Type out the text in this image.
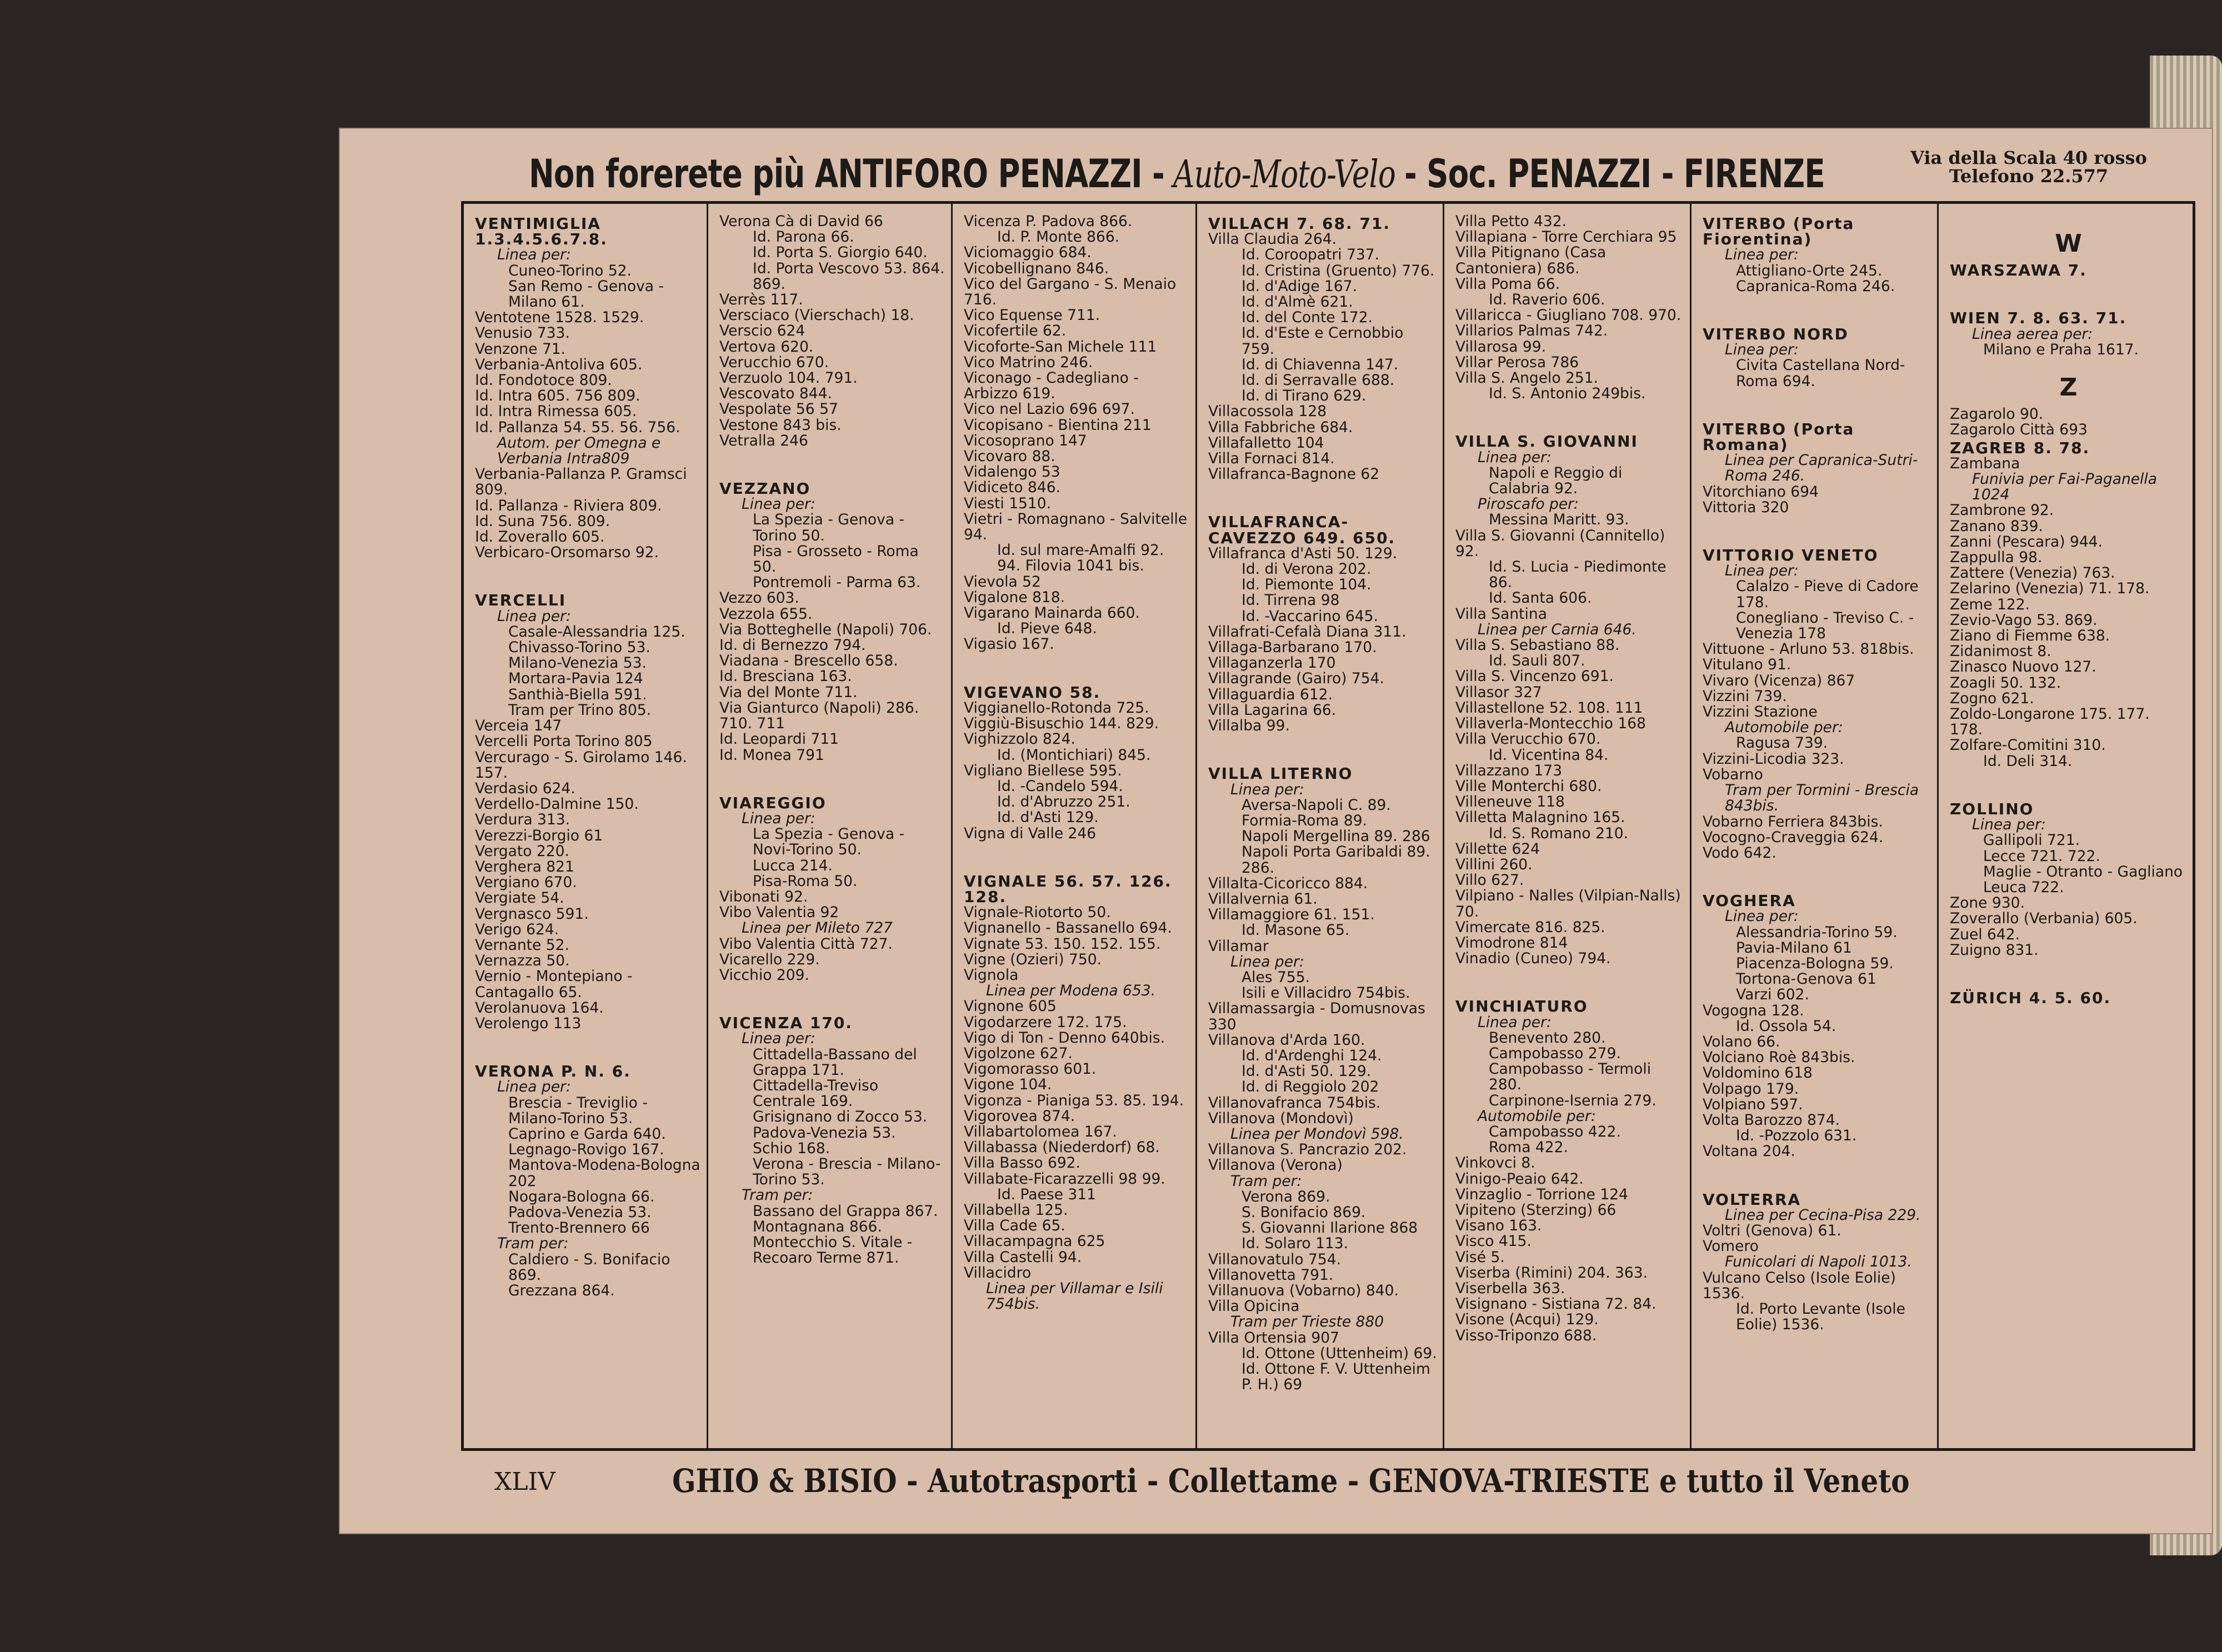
Non forerete più ANTIFORO PENAZZI - Auto-Moto-Velo - Soc. PENAZZI - FIRENZE	Via della Scala 40 rosso
Telefono 22.577
VENTIMIGLIA 1.3.4.5.6.7.8.
Linea per:
Cuneo-Torino 52.
San Remo - Genova - Milano 61.
Ventotene 1528. 1529.
Venusio 733.
Venzone 71.
Verbania-Antoliva 605.
Id. Fondotoce 809.
Id. Intra 605. 756 809.
Id. Intra Rimessa 605.
Id. Pallanza 54. 55. 56. 756.
Autom. per Omegna e Verbania Intra809
Verbania-Pallanza P. Gramsci 809.
Id. Pallanza - Riviera 809.
Id. Suna 756. 809.
Id. Zoverallo 605.
Verbicaro-Orsomarso 92.
VERCELLI
Linea per:
Casale-Alessandria 125.
Chivasso-Torino 53.
Milano-Venezia 53.
Mortara-Pavia 124
Santhià-Biella 591.
Tram per Trino 805.
Verceia 147
Vercelli Porta Torino 805
Vercurago - S. Girolamo 146. 157.
Verdasio 624.
Verdello-Dalmine 150.
Verdura 313.
Verezzi-Borgio 61
Vergato 220.
Verghera 821
Vergiano 670.
Vergiate 54.
Vergnasco 591.
Verigo 624.
Vernante 52.
Vernazza 50.
Vernio - Montepiano - Cantagallo 65.
Verolanuova 164.
Verolengo 113
VERONA P. N. 6.
Linea per:
Brescia - Treviglio - Milano-Torino 53.
Caprino e Garda 640.
Legnago-Rovigo 167.
Mantova-Modena-Bologna 202
Nogara-Bologna 66.
Padova-Venezia 53.
Trento-Brennero 66
Tram per:
Caldiero - S. Bonifacio 869.
Grezzana 864.
Verona Cà di David 66
Id. Parona 66.
Id. Porta S. Giorgio 640.
Id. Porta Vescovo 53. 864. 869.
Verrès 117.
Versciaco (Vierschach) 18.
Verscio 624
Vertova 620.
Verucchio 670.
Verzuolo 104. 791.
Vescovato 844.
Vespolate 56 57
Vestone 843 bis.
Vetralla 246
VEZZANO
Linea per:
La Spezia - Genova - Torino 50.
Pisa - Grosseto - Roma 50.
Pontremoli - Parma 63.
Vezzo 603.
Vezzola 655.
Via Botteghelle (Napoli) 706.
Id. di Bernezzo 794.
Viadana - Brescello 658.
Id. Bresciana 163.
Via del Monte 711.
Via Gianturco (Napoli) 286. 710. 711
Id. Leopardi 711
Id. Monea 791
VIAREGGIO
Linea per:
La Spezia - Genova - Novi-Torino 50.
Lucca 214.
Pisa-Roma 50.
Vibonati 92.
Vibo Valentia 92
Linea per Mileto 727
Vibo Valentia Città 727.
Vicarello 229.
Vicchio 209.
VICENZA 170.
Linea per:
Cittadella-Bassano del Grappa 171.
Cittadella-Treviso Centrale 169.
Grisignano di Zocco 53.
Padova-Venezia 53.
Schio 168.
Verona - Brescia - Milano-Torino 53.
Tram per:
Bassano del Grappa 867.
Montagnana 866.
Montecchio S. Vitale - Recoaro Terme 871.
Vicenza P. Padova 866.
Id. P. Monte 866.
Viciomaggio 684.
Vicobellignano 846.
Vico del Gargano - S. Menaio 716.
Vico Equense 711.
Vicofertile 62.
Vicoforte-San Michele 111
Vico Matrino 246.
Viconago - Cadegliano - Arbizzo 619.
Vico nel Lazio 696 697.
Vicopisano - Bientina 211
Vicosoprano 147
Vicovaro 88.
Vidalengo 53
Vidiceto 846.
Viesti 1510.
Vietri - Romagnano - Salvitelle 94.
Id. sul mare-Amalfi 92. 94. Filovia 1041 bis.
Vievola 52
Vigalone 818.
Vigarano Mainarda 660.
Id. Pieve 648.
Vigasio 167.
VIGEVANO 58.
Viggianello-Rotonda 725.
Viggiù-Bisuschio 144. 829.
Vighizzolo 824.
Id. (Montichiari) 845.
Vigliano Biellese 595.
Id. -Candelo 594.
Id. d'Abruzzo 251.
Id. d'Asti 129.
Vigna di Valle 246
VIGNALE 56. 57. 126. 128.
Vignale-Riotorto 50.
Vignanello - Bassanello 694.
Vignate 53. 150. 152. 155.
Vigne (Ozieri) 750.
Vignola
Linea per Modena 653.
Vignone 605
Vigodarzere 172. 175.
Vigo di Ton - Denno 640bis.
Vigolzone 627.
Vigomorasso 601.
Vigone 104.
Vigonza - Pianiga 53. 85. 194.
Vigorovea 874.
Villabartolomea 167.
Villabassa (Niederdorf) 68.
Villa Basso 692.
Villabate-Ficarazzelli 98 99.
Id. Paese 311
Villabella 125.
Villa Cade 65.
Villacampagna 625
Villa Castelli 94.
Villacidro
Linea per Villamar e Isili 754bis.
VILLACH 7. 68. 71.
Villa Claudia 264.
Id. Coroopatri 737.
Id. Cristina (Gruento) 776.
Id. d'Adige 167.
Id. d'Almè 621.
Id. del Conte 172.
Id. d'Este e Cernobbio 759.
Id. di Chiavenna 147.
Id. di Serravalle 688.
Id. di Tirano 629.
Villacossola 128
Villa Fabbriche 684.
Villafalletto 104
Villa Fornaci 814.
Villafranca-Bagnone 62
VILLAFRANCA-CAVEZZO 649. 650.
Villafranca d'Asti 50. 129.
Id. di Verona 202.
Id. Piemonte 104.
Id. Tirrena 98
Id. -Vaccarino 645.
Villafrati-Cefalà Diana 311.
Villaga-Barbarano 170.
Villaganzerla 170
Villagrande (Gairo) 754.
Villaguardia 612.
Villa Lagarina 66.
Villalba 99.
VILLA LITERNO
Linea per:
Aversa-Napoli C. 89.
Formia-Roma 89.
Napoli Mergellina 89. 286
Napoli Porta Garibaldi 89. 286.
Villalta-Cicoricco 884.
Villalvernia 61.
Villamaggiore 61. 151.
Id. Masone 65.
Villamar
Linea per:
Ales 755.
Isili e Villacidro 754bis.
Villamassargia - Domusnovas 330
Villanova d'Arda 160.
Id. d'Ardenghi 124.
Id. d'Asti 50. 129.
Id. di Reggiolo 202
Villanovafranca 754bis.
Villanova (Mondovì)
Linea per Mondovì 598.
Villanova S. Pancrazio 202.
Villanova (Verona)
Tram per:
Verona 869.
S. Bonifacio 869.
S. Giovanni Ilarione 868
Id. Solaro 113.
Villanovatulo 754.
Villanovetta 791.
Villanuova (Vobarno) 840.
Villa Opicina
Tram per Trieste 880
Villa Ortensia 907
Id. Ottone (Uttenheim) 69.
Id. Ottone F. V. Uttenheim P. H.) 69
Villa Petto 432.
Villapiana - Torre Cerchiara 95
Villa Pitignano (Casa Cantoniera) 686.
Villa Poma 66.
Id. Raverio 606.
Villaricca - Giugliano 708. 970.
Villarios Palmas 742.
Villarosa 99.
Villar Perosa 786
Villa S. Angelo 251.
Id. S. Antonio 249bis.
VILLA S. GIOVANNI
Linea per:
Napoli e Reggio di Calabria 92.
Piroscafo per:
Messina Maritt. 93.
Villa S. Giovanni (Cannitello) 92.
Id. S. Lucia - Piedimonte 86.
Id. Santa 606.
Villa Santina
Linea per Carnia 646.
Villa S. Sebastiano 88.
Id. Sauli 807.
Villa S. Vincenzo 691.
Villasor 327
Villastellone 52. 108. 111
Villaverla-Montecchio 168
Villa Verucchio 670.
Id. Vicentina 84.
Villazzano 173
Ville Monterchi 680.
Villeneuve 118
Villetta Malagnino 165.
Id. S. Romano 210.
Villette 624
Villini 260.
Villo 627.
Vilpiano - Nalles (Vilpian-Nalls) 70.
Vimercate 816. 825.
Vimodrone 814
Vinadio (Cuneo) 794.
VINCHIATURO
Linea per:
Benevento 280.
Campobasso 279.
Campobasso - Termoli 280.
Carpinone-Isernia 279.
Automobile per:
Campobasso 422.
Roma 422.
Vinkovci 8.
Vinigo-Peaio 642.
Vinzaglio - Torrione 124
Vipiteno (Sterzing) 66
Visano 163.
Visco 415.
Visé 5.
Viserba (Rimini) 204. 363.
Viserbella 363.
Visignano - Sistiana 72. 84.
Visone (Acqui) 129.
Visso-Triponzo 688.
VITERBO (Porta Fiorentina)
Linea per:
Attigliano-Orte 245.
Capranica-Roma 246.
VITERBO NORD
Linea per:
Civita Castellana Nord-Roma 694.
VITERBO (Porta Romana)
Linea per Capranica-Sutri-Roma 246.
Vitorchiano 694
Vittoria 320
VITTORIO VENETO
Linea per:
Calalzo - Pieve di Cadore 178.
Conegliano - Treviso C. - Venezia 178
Vittuone - Arluno 53. 818bis.
Vitulano 91.
Vivaro (Vicenza) 867
Vizzini 739.
Vizzini Stazione
Automobile per:
Ragusa 739.
Vizzini-Licodia 323.
Vobarno
Tram per Tormini - Brescia 843bis.
Vobarno Ferriera 843bis.
Vocogno-Craveggia 624.
Vodo 642.
VOGHERA
Linea per:
Alessandria-Torino 59.
Pavia-Milano 61
Piacenza-Bologna 59.
Tortona-Genova 61
Varzi 602.
Vogogna 128.
Id. Ossola 54.
Volano 66.
Volciano Roè 843bis.
Voldomino 618
Volpago 179.
Volpiano 597.
Volta Barozzo 874.
Id. -Pozzolo 631.
Voltana 204.
VOLTERRA
Linea per Cecina-Pisa 229.
Voltri (Genova) 61.
Vomero
Funicolari di Napoli 1013.
Vulcano Celso (Isole Eolie) 1536.
Id. Porto Levante (Isole Eolie) 1536.
W
WARSZAWA 7.
WIEN 7. 8. 63. 71.
Linea aerea per:
Milano e Praha 1617.
Z
Zagarolo 90.
Zagarolo Città 693
ZAGREB 8. 78.
Zambana
Funivia per Fai-Paganella 1024
Zambrone 92.
Zanano 839.
Zanni (Pescara) 944.
Zappulla 98.
Zattere (Venezia) 763.
Zelarino (Venezia) 71. 178.
Zeme 122.
Zevio-Vago 53. 869.
Ziano di Fiemme 638.
Zidanimost 8.
Zinasco Nuovo 127.
Zoagli 50. 132.
Zogno 621.
Zoldo-Longarone 175. 177. 178.
Zolfare-Comitini 310.
Id. Deli 314.
ZOLLINO
Linea per:
Gallipoli 721.
Lecce 721. 722.
Maglie - Otranto - Gagliano Leuca 722.
Zone 930.
Zoverallo (Verbania) 605.
Zuel 642.
Zuigno 831.
ZÜRICH 4. 5. 60.
XLIV	GHIO & BISIO - Autotrasporti - Collettame - GENOVA-TRIESTE e tutto il Veneto
